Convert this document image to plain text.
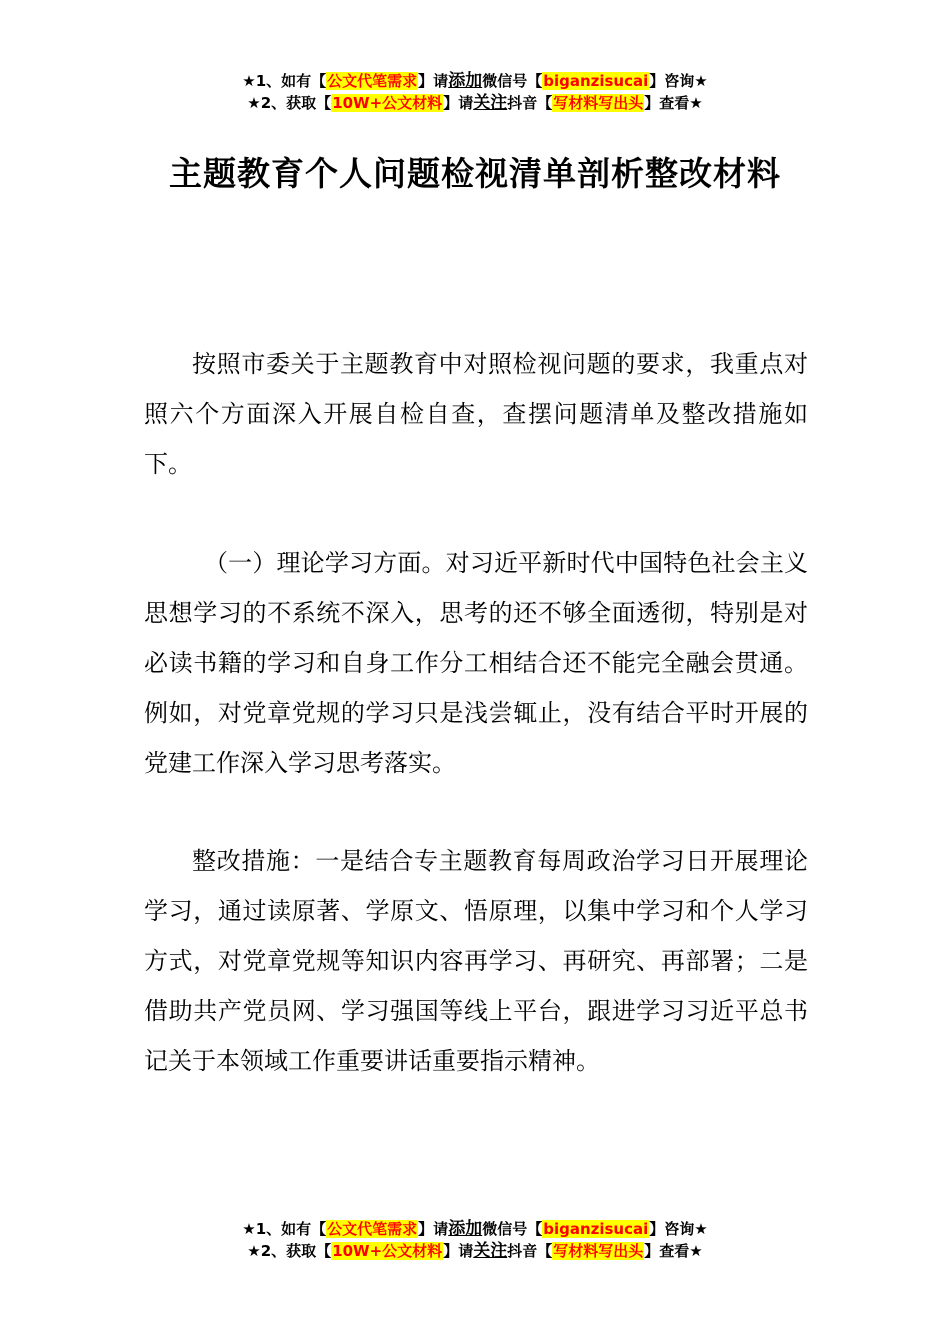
★1、如有【公文代笔需求】请添加微信号【biganzisucai】咨询★
★2、获取【10W+公文材料】请关注抖音【写材料写出头】查看★
主题教育个人问题检视清单剖析整改材料

按照市委关于主题教育中对照检视问题的要求，我重点对照六个方面深入开展自检自查，查摆问题清单及整改措施如下。

（一）理论学习方面。对习近平新时代中国特色社会主义思想学习的不系统不深入，思考的还不够全面透彻，特别是对必读书籍的学习和自身工作分工相结合还不能完全融会贯通。例如，对党章党规的学习只是浅尝辄止，没有结合平时开展的党建工作深入学习思考落实。

整改措施：一是结合专主题教育每周政治学习日开展理论学习，通过读原著、学原文、悟原理，以集中学习和个人学习方式，对党章党规等知识内容再学习、再研究、再部署；二是借助共产党员网、学习强国等线上平台，跟进学习习近平总书记关于本领域工作重要讲话重要指示精神。

★1、如有【公文代笔需求】请添加微信号【biganzisucai】咨询★
★2、获取【10W+公文材料】请关注抖音【写材料写出头】查看★
